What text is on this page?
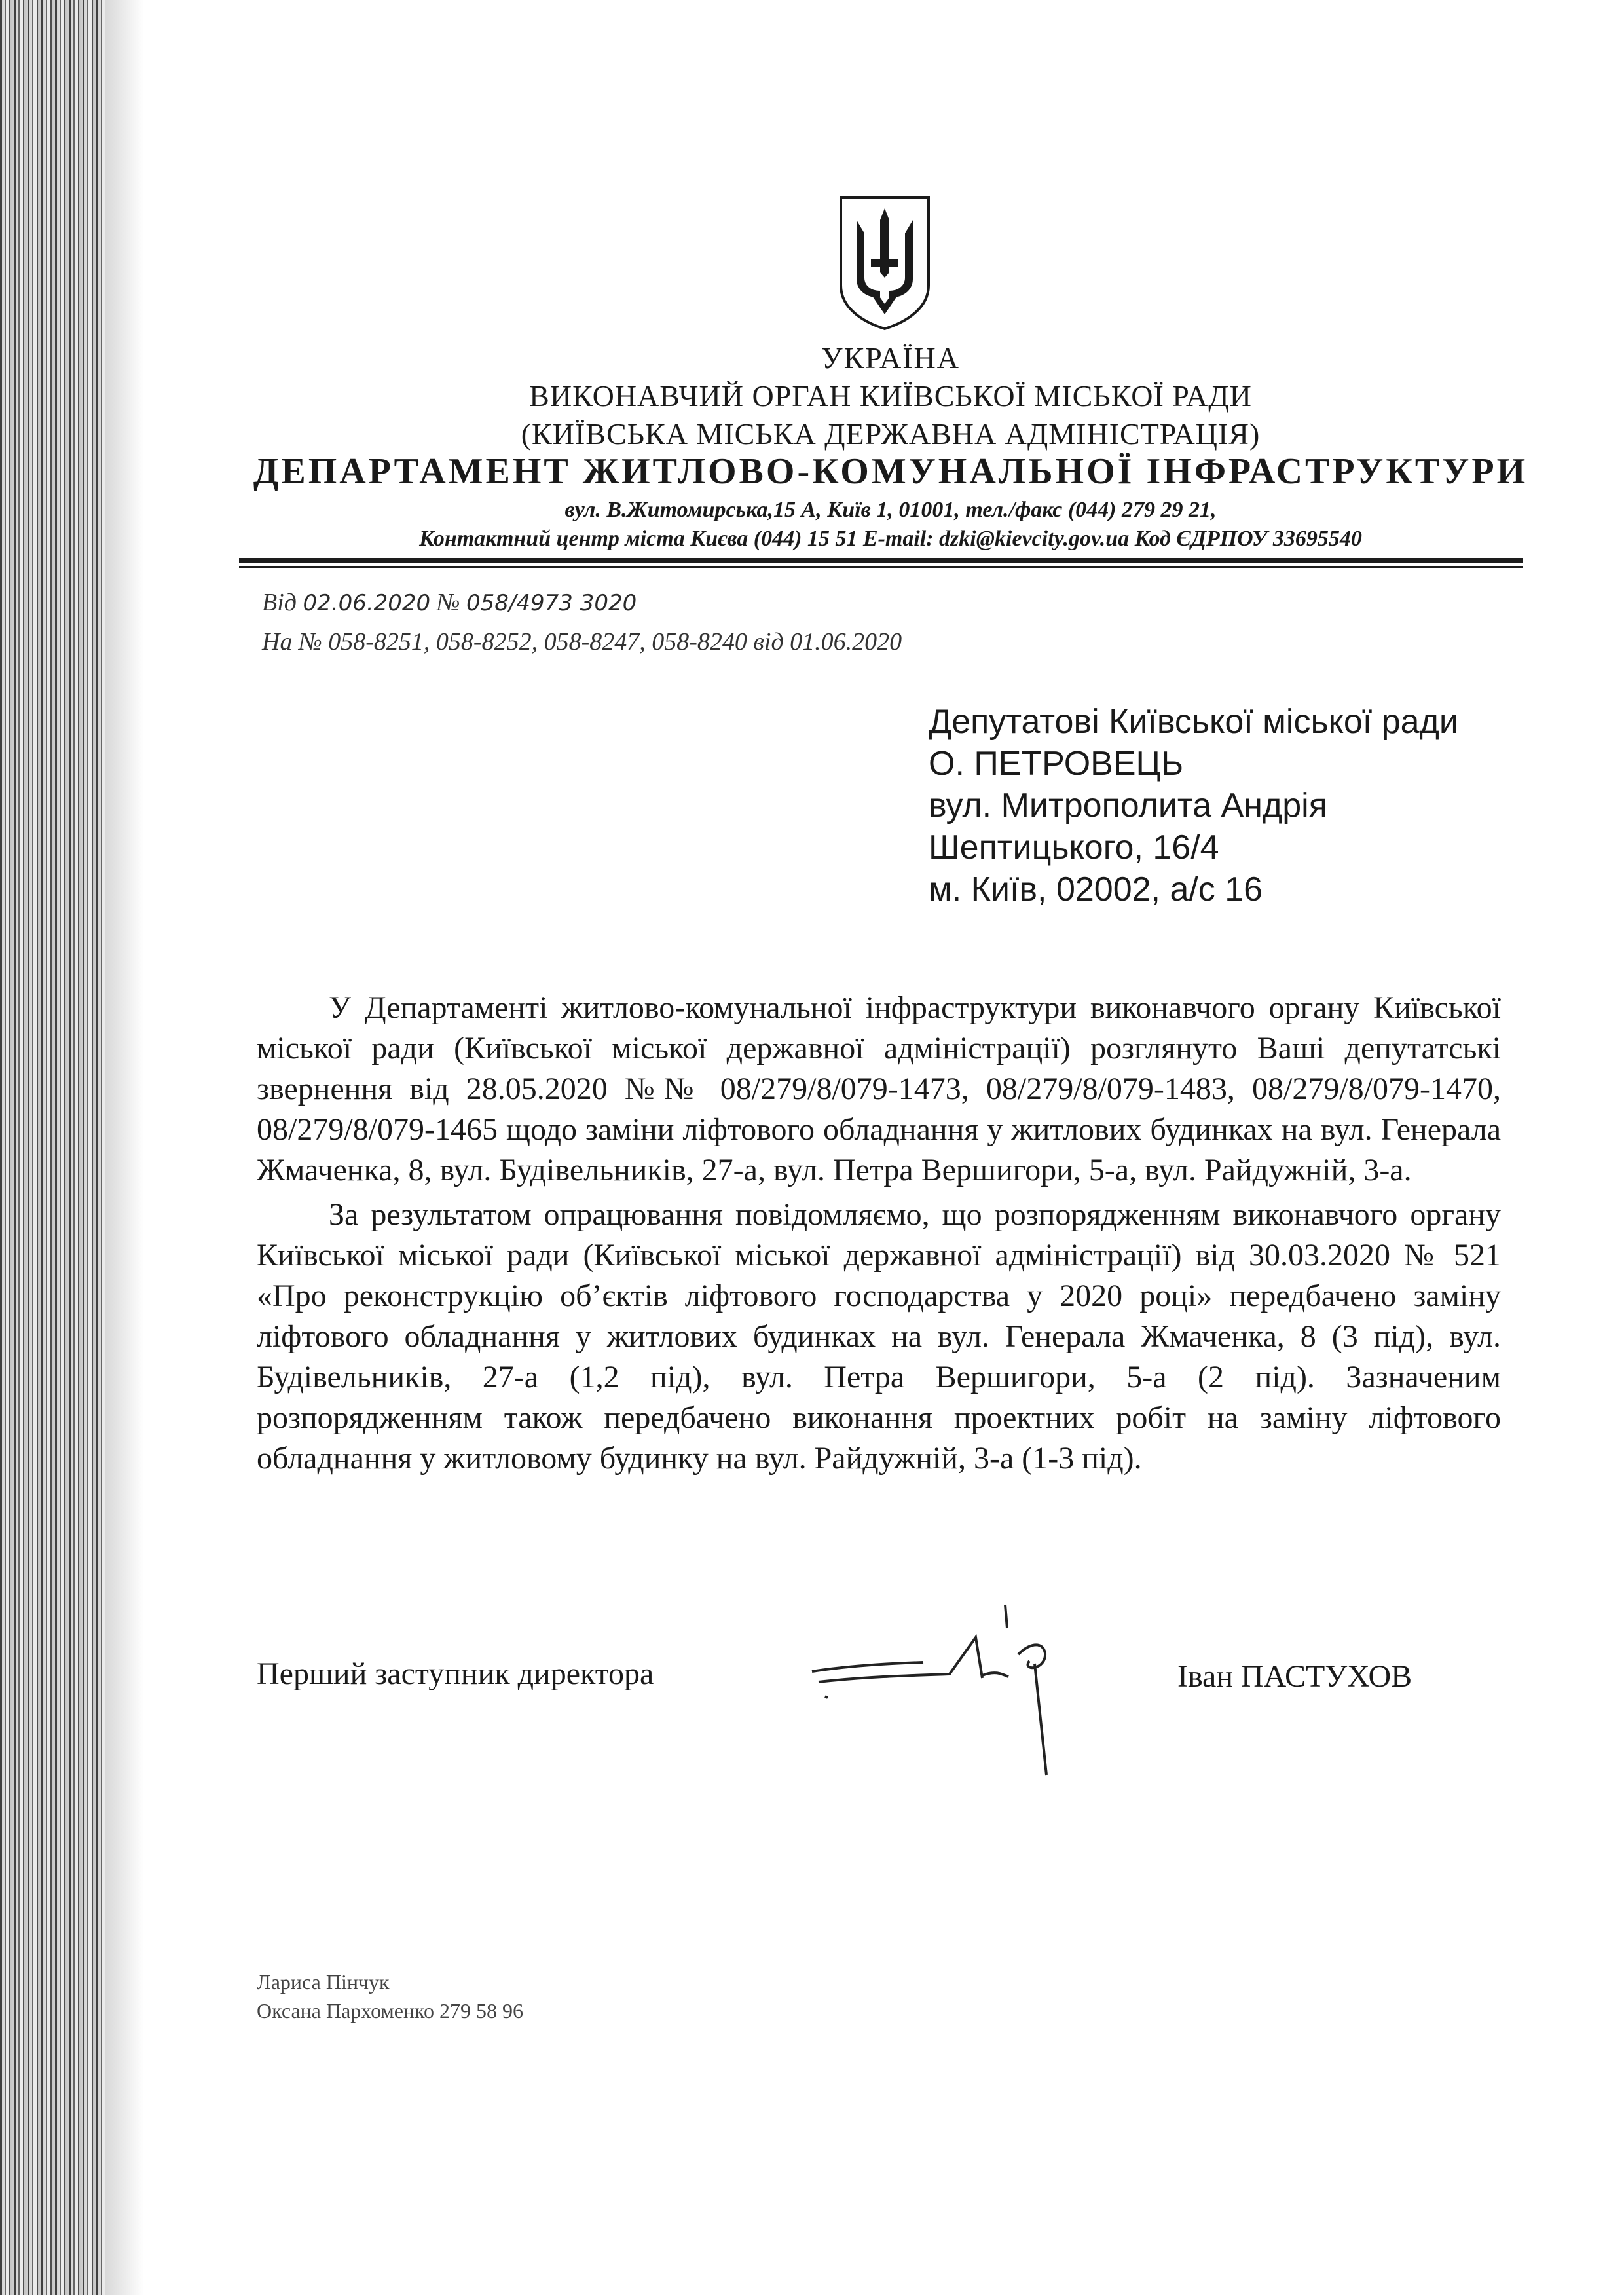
УКРАЇНА
ВИКОНАВЧИЙ ОРГАН КИЇВСЬКОЇ МІСЬКОЇ РАДИ
(КИЇВСЬКА МІСЬКА ДЕРЖАВНА АДМІНІСТРАЦІЯ)
ДЕПАРТАМЕНТ ЖИТЛОВО-КОМУНАЛЬНОЇ ІНФРАСТРУКТУРИ
вул. В.Житомирська,15 А, Київ 1, 01001, тел./факс (044) 279 29 21,
Контактний центр міста Києва (044) 15 51 E-mail: dzki@kievcity.gov.ua Код ЄДРПОУ 33695540
Від 02.06.2020 № 058/4973 3020
На № 058-8251, 058-8252, 058-8247, 058-8240 від 01.06.2020
Депутатові Київської міської ради
О. ПЕТРОВЕЦЬ
вул. Митрополита Андрія
Шептицького, 16/4
м. Київ, 02002, а/с 16

У Департаменті житлово-комунальної інфраструктури виконавчого органу Київської міської ради (Київської міської державної адміністрації) розглянуто Ваші депутатські звернення від 28.05.2020 №№ 08/279/8/079-1473, 08/279/8/079-1483, 08/279/8/079-1470, 08/279/8/079-1465 щодо заміни ліфтового обладнання у житлових будинках на вул. Генерала Жмаченка, 8, вул. Будівельників, 27-а, вул. Петра Вершигори, 5-а, вул. Райдужній, 3-а.

За результатом опрацювання повідомляємо, що розпорядженням виконавчого органу Київської міської ради (Київської міської державної адміністрації) від 30.03.2020 № 521 «Про реконструкцію об’єктів ліфтового господарства у 2020 році» передбачено заміну ліфтового обладнання у житлових будинках на вул. Генерала Жмаченка, 8 (3 під), вул. Будівельників, 27-а (1,2 під), вул. Петра Вершигори, 5-а (2 під). Зазначеним розпорядженням також передбачено виконання проектних робіт на заміну ліфтового обладнання у житловому будинку на вул. Райдужній, 3-а (1-3 під).

Перший заступник директора	Іван ПАСТУХОВ
Лариса Пінчук
Оксана Пархоменко 279 58 96
